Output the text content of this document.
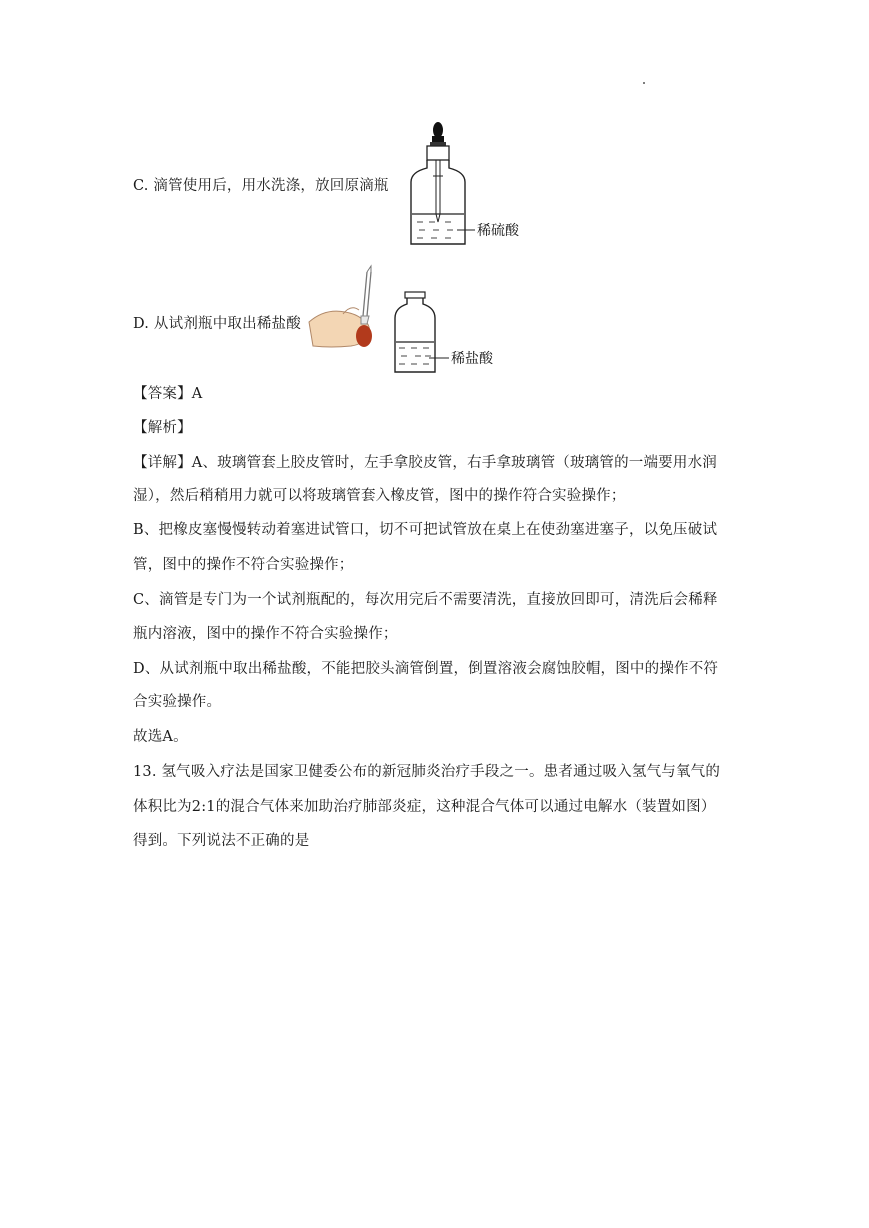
C. 滴管使用后，用水洗涤，放回原滴瓶
稀硫酸
D. 从试剂瓶中取出稀盐酸
稀盐酸
【答案】A
【解析】
【详解】A、玻璃管套上胶皮管时，左手拿胶皮管，右手拿玻璃管（玻璃管的一端要用水润
湿），然后稍稍用力就可以将玻璃管套入橡皮管，图中的操作符合实验操作；
B、把橡皮塞慢慢转动着塞进试管口，切不可把试管放在桌上在使劲塞进塞子，以免压破试
管，图中的操作不符合实验操作；
C、滴管是专门为一个试剂瓶配的，每次用完后不需要清洗，直接放回即可，清洗后会稀释
瓶内溶液，图中的操作不符合实验操作；
D、从试剂瓶中取出稀盐酸，不能把胶头滴管倒置，倒置溶液会腐蚀胶帽，图中的操作不符
合实验操作。
故选A。
13. 氢气吸入疗法是国家卫健委公布的新冠肺炎治疗手段之一。患者通过吸入氢气与氧气的
体积比为2:1的混合气体来加助治疗肺部炎症，这种混合气体可以通过电解水（装置如图）
得到。下列说法不正确的是
